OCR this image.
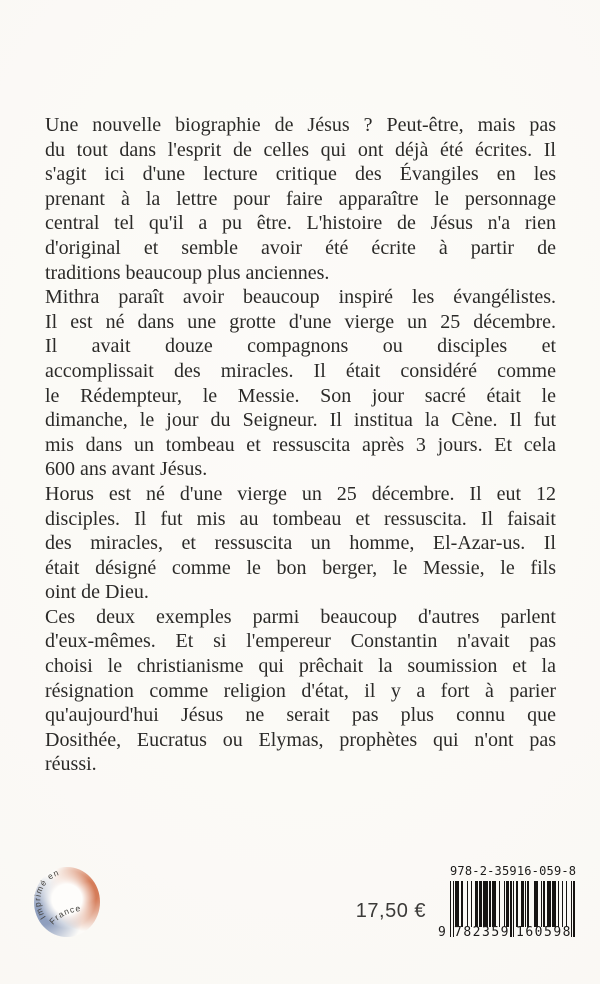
Une nouvelle biographie de Jésus ? Peut-être, mais pas
du tout dans l'esprit de celles qui ont déjà été écrites. Il
s'agit ici d'une lecture critique des Évangiles en les
prenant à la lettre pour faire apparaître le personnage
central tel qu'il a pu être. L'histoire de Jésus n'a rien
d'original et semble avoir été écrite à partir de
traditions beaucoup plus anciennes.
Mithra paraît avoir beaucoup inspiré les évangélistes.
Il est né dans une grotte d'une vierge un 25 décembre.
Il avait douze compagnons ou disciples et
accomplissait des miracles. Il était considéré comme
le Rédempteur, le Messie. Son jour sacré était le
dimanche, le jour du Seigneur. Il institua la Cène. Il fut
mis dans un tombeau et ressuscita après 3 jours. Et cela
600 ans avant Jésus.
Horus est né d'une vierge un 25 décembre. Il eut 12
disciples. Il fut mis au tombeau et ressuscita. Il faisait
des miracles, et ressuscita un homme, El-Azar-us. Il
était désigné comme le bon berger, le Messie, le fils
oint de Dieu.
Ces deux exemples parmi beaucoup d'autres parlent
d'eux-mêmes. Et si l'empereur Constantin n'avait pas
choisi le christianisme qui prêchait la soumission et la
résignation comme religion d'état, il y a fort à parier
qu'aujourd'hui Jésus ne serait pas plus connu que
Dosithée, Eucratus ou Elymas, prophètes qui n'ont pas
réussi.
Imprimé en
France	17,50 €
978-2-35916-059-8
9 782359 160598
